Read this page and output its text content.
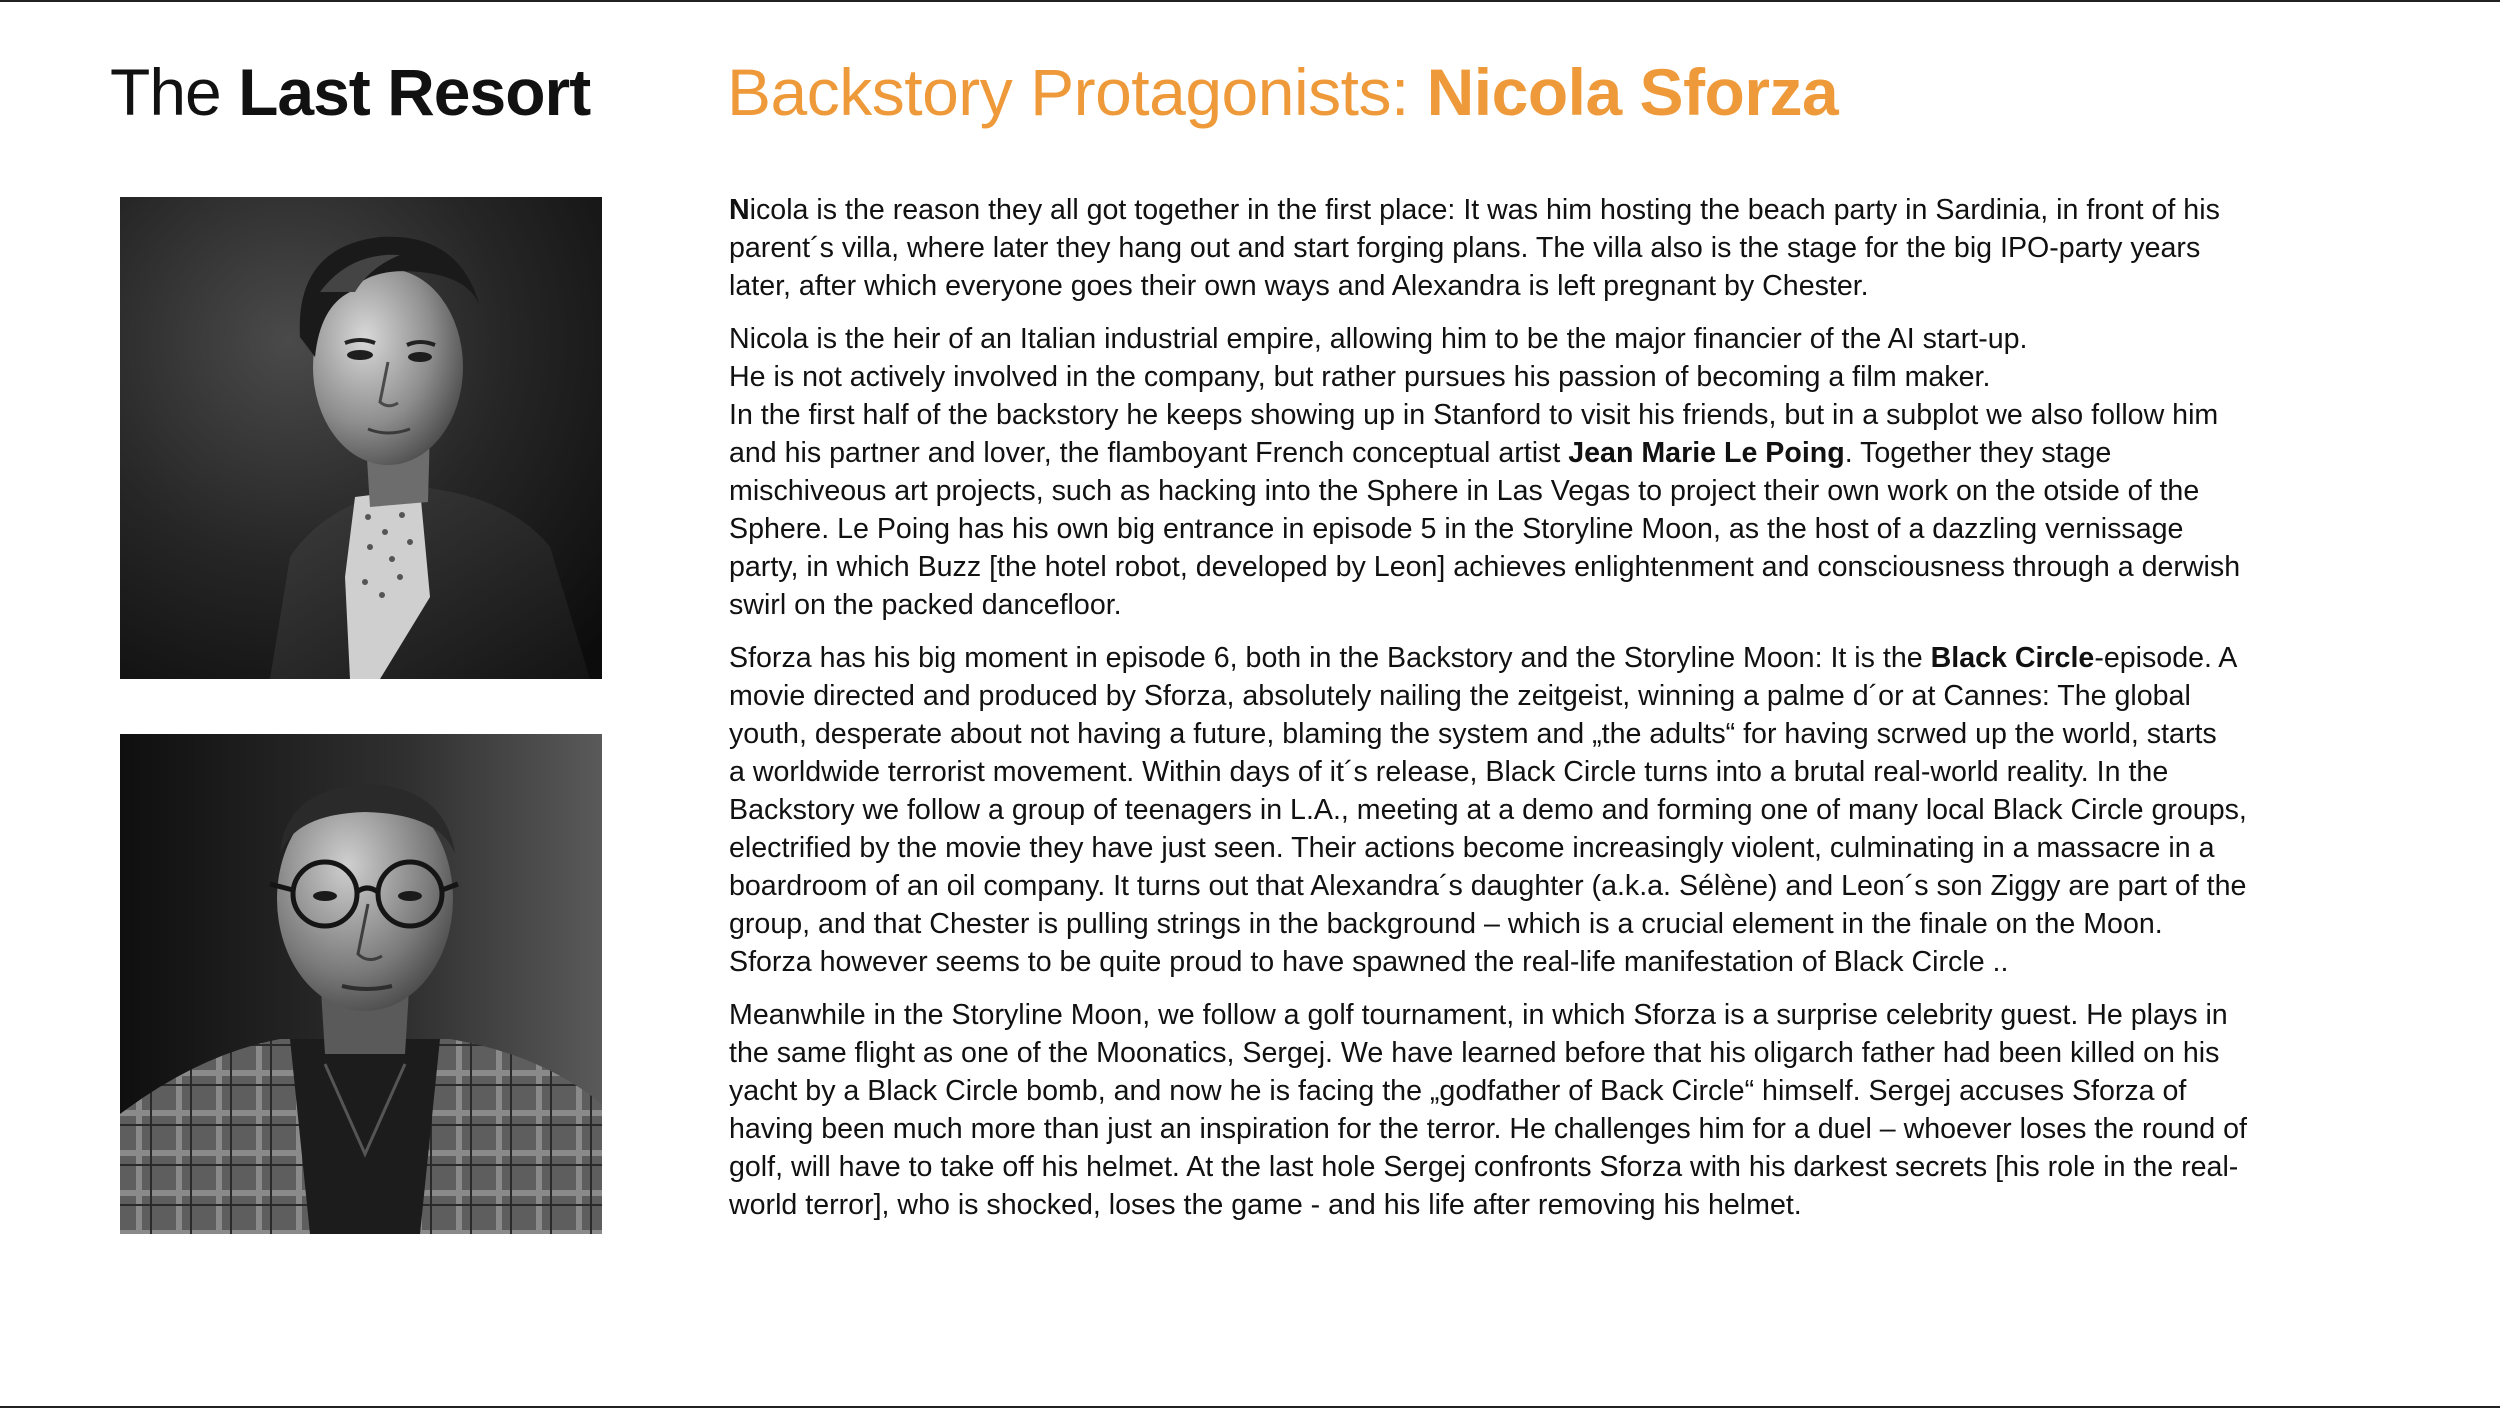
The Last Resort Backstory Protagonists: Nicola Sforza

Nicola is the reason they all got together in the first place: It was him hosting the beach party in Sardinia, in front of his
parent´s villa, where later they hang out and start forging plans. The villa also is the stage for the big IPO-party years
later, after which everyone goes their own ways and Alexandra is left pregnant by Chester.

Nicola is the heir of an Italian industrial empire, allowing him to be the major financier of the AI start-up.
He is not actively involved in the company, but rather pursues his passion of becoming a film maker.
In the first half of the backstory he keeps showing up in Stanford to visit his friends, but in a subplot we also follow him
and his partner and lover, the flamboyant French conceptual artist Jean Marie Le Poing. Together they stage
mischiveous art projects, such as hacking into the Sphere in Las Vegas to project their own work on the otside of the
Sphere. Le Poing has his own big entrance in episode 5 in the Storyline Moon, as the host of a dazzling vernissage
party, in which Buzz [the hotel robot, developed by Leon] achieves enlightenment and consciousness through a derwish
swirl on the packed dancefloor.

Sforza has his big moment in episode 6, both in the Backstory and the Storyline Moon: It is the Black Circle-episode. A
movie directed and produced by Sforza, absolutely nailing the zeitgeist, winning a palme d´or at Cannes: The global
youth, desperate about not having a future, blaming the system and „the adults“ for having scrwed up the world, starts
a worldwide terrorist movement. Within days of it´s release, Black Circle turns into a brutal real-world reality. In the
Backstory we follow a group of teenagers in L.A., meeting at a demo and forming one of many local Black Circle groups,
electrified by the movie they have just seen. Their actions become increasingly violent, culminating in a massacre in a
boardroom of an oil company. It turns out that Alexandra´s daughter (a.k.a. Sélène) and Leon´s son Ziggy are part of the
group, and that Chester is pulling strings in the background – which is a crucial element in the finale on the Moon.
Sforza however seems to be quite proud to have spawned the real-life manifestation of Black Circle ..

Meanwhile in the Storyline Moon, we follow a golf tournament, in which Sforza is a surprise celebrity guest. He plays in
the same flight as one of the Moonatics, Sergej. We have learned before that his oligarch father had been killed on his
yacht by a Black Circle bomb, and now he is facing the „godfather of Back Circle“ himself. Sergej accuses Sforza of
having been much more than just an inspiration for the terror. He challenges him for a duel – whoever loses the round of
golf, will have to take off his helmet. At the last hole Sergej confronts Sforza with his darkest secrets [his role in the real-
world terror], who is shocked, loses the game - and his life after removing his helmet.
